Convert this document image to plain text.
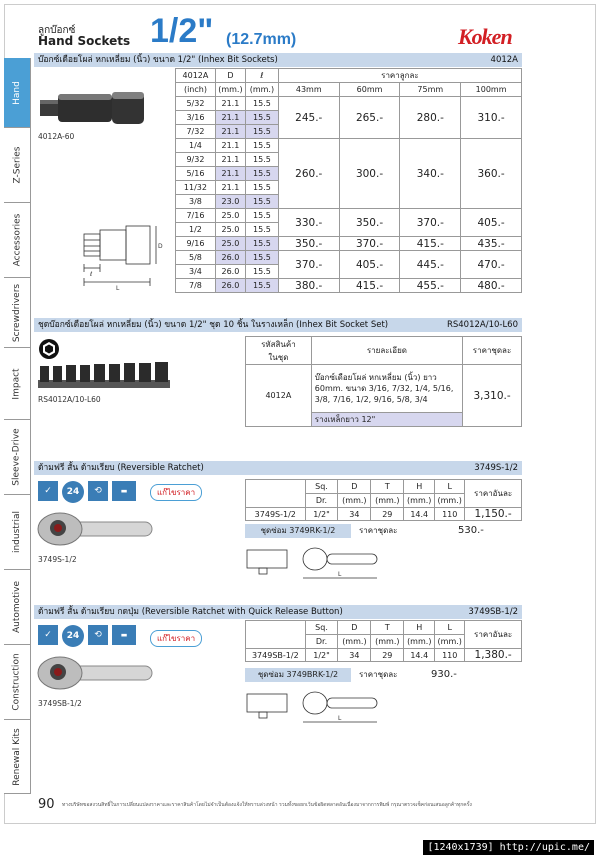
ลูกบ๊อกซ์
Hand Sockets 1/2" (12.7mm)	Koken
Hand
Z-Series
Accessories
Screwdrivers
Impact
Sleeve-Drive
industrial
Automotive
Construction
Renewal Kits
บ๊อกซ์เดือยโผล่ หกเหลี่ยม (นิ้ว) ขนาด 1/2" (Inhex Bit Sockets)	4012A
4012A-60
ℓ
L
D
4012A	D	ℓ	ราคาลูกละ			
(inch)	(mm.)	(mm.)	43mm	60mm	75mm	100mm
5/32	21.1	15.5	245.-	265.-	280.-	310.-
3/16	21.1	15.5				
7/32	21.1	15.5				
1/4	21.1	15.5	260.-	300.-	340.-	360.-
9/32	21.1	15.5				
5/16	21.1	15.5				
11/32	21.1	15.5				
3/8	23.0	15.5				
7/16	25.0	15.5	330.-	350.-	370.-	405.-
1/2	25.0	15.5				
9/16	25.0	15.5	350.-	370.-	415.-	435.-
5/8	26.0	15.5	370.-	405.-	445.-	470.-
3/4	26.0	15.5				
7/8	26.0	15.5	380.-	415.-	455.-	480.-
ชุดบ๊อกซ์เดือยโผล่ หกเหลี่ยม (นิ้ว) ขนาด 1/2" ชุด 10 ชิ้น ในรางเหล็ก (Inhex Bit Socket Set)	RS4012A/10-L60
RS4012A/10-L60
รหัสสินค้า
ในชุด	รายละเอียด	ราคาชุดละ
4012A	บ๊อกซ์เดือยโผล่ หกเหลี่ยม (นิ้ว) ยาว 60mm. ขนาด 3/16, 7/32, 1/4, 5/16, 3/8, 7/16, 1/2, 9/16, 5/8, 3/4	3,310.-
	รางเหล็กยาว 12"	
ด้ามฟรี สั้น ด้ามเรียบ (Reversible Ratchet)	3749S-1/2
✓ 24 ⟲	▬	แก๊ไขราคา
3749S-1/2
	Sq.	D	T	H	L	ราคาอันละ
	Dr.	(mm.)	(mm.)	(mm.)	(mm.)	
3749S-1/2	1/2"	34	29	14.4	110	1,150.-
ชุดซ่อม 3749RK-1/2	ราคาชุดละ	530.-
L
ด้ามฟรี สั้น ด้ามเรียบ กดปุ่ม (Reversible Ratchet with Quick Release Button)	3749SB-1/2
✓ 24 ⟲	▬	แก๊ไขราคา
3749SB-1/2
	Sq.	D	T	H	L	ราคาอันละ
	Dr.	(mm.)	(mm.)	(mm.)	(mm.)	
3749SB-1/2	1/2"	34	29	14.4	110	1,380.-
ชุดซ่อม 3749BRK-1/2	ราคาชุดละ	930.-
L
90 ทางบริษัทขอสงวนสิทธิ์ในการเปลี่ยนแปลงราคาและราคาสินค้าโดยไม่จำเป็นต้องแจ้งให้ทราบล่วงหน้า รวมทั้งขอยกเว้นข้อผิดพลาดอันเนื่องมาจากการพิมพ์ กรุณาตรวจเช็คก่อนเสนอลูกค้าทุกครั้ง
[1240x1739] http://upic.me/
